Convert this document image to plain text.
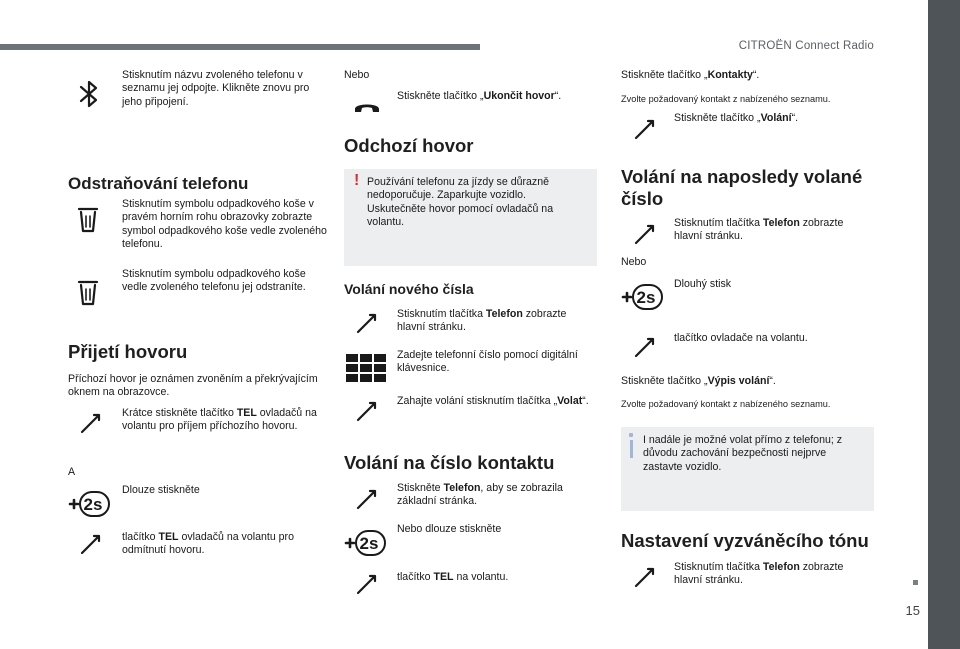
CITROËN Connect Radio
15
Stisknutím názvu zvoleného telefonu v seznamu jej odpojte. Klikněte znovu pro jeho připojení.
Odstraňování telefonu
Stisknutím symbolu odpadkového koše v pravém horním rohu obrazovky zobrazte symbol odpadkového koše vedle zvoleného telefonu.
Stisknutím symbolu odpadkového koše vedle zvoleného telefonu jej odstraníte.
Přijetí hovoru
Příchozí hovor je oznámen zvoněním a překrývajícím oknem na obrazovce.
Krátce stiskněte tlačítko TEL ovladačů na volantu pro příjem příchozího hovoru.
A
2s
Dlouze stiskněte
tlačítko TEL ovladačů na volantu pro odmítnutí hovoru.
Nebo
Stiskněte tlačítko „Ukončit hovor“.
Odchozí hovor
! Používání telefonu za jízdy se důrazně nedoporučuje. Zaparkujte vozidlo. Uskutečněte hovor pomocí ovladačů na volantu.
Volání nového čísla
Stisknutím tlačítka Telefon zobrazte hlavní stránku.
Zadejte telefonní číslo pomocí digitální klávesnice.
Zahajte volání stisknutím tlačítka „Volat“.
Volání na číslo kontaktu
Stiskněte Telefon, aby se zobrazila základní stránka.
2s
Nebo dlouze stiskněte
tlačítko TEL na volantu.
Stiskněte tlačítko „Kontakty“.
Zvolte požadovaný kontakt z nabízeného seznamu.
Stiskněte tlačítko „Volání“.
Volání na naposledy volané číslo
Stisknutím tlačítka Telefon zobrazte hlavní stránku.
Nebo
2s
Dlouhý stisk
tlačítko ovladače na volantu.
Stiskněte tlačítko „Výpis volání“.
Zvolte požadovaný kontakt z nabízeného seznamu.
I nadále je možné volat přímo z telefonu; z důvodu zachování bezpečnosti nejprve zastavte vozidlo.
Nastavení vyzváněcího tónu
Stisknutím tlačítka Telefon zobrazte hlavní stránku.
